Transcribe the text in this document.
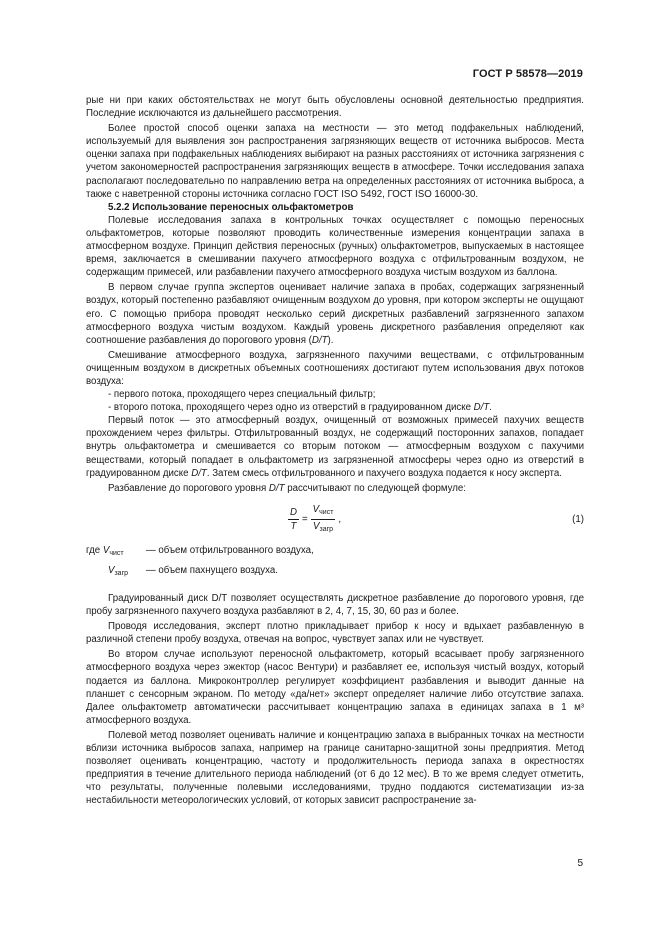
ГОСТ Р 58578—2019

рые ни при каких обстоятельствах не могут быть обусловлены основной деятельностью предприятия. Последние исключаются из дальнейшего рассмотрения.

Более простой способ оценки запаха на местности — это метод подфакельных наблюдений, используемый для выявления зон распространения загрязняющих веществ от источника выбросов. Места оценки запаха при подфакельных наблюдениях выбирают на разных расстояниях от источника загрязнения с учетом закономерностей распространения загрязняющих веществ в атмосфере. Точки исследования запаха располагают последовательно по направлению ветра на определенных расстояниях от источника выброса, а также с наветренной стороны источника согласно ГОСТ ISO 5492, ГОСТ ISO 16000-30.

5.2.2 Использование переносных ольфактометров

Полевые исследования запаха в контрольных точках осуществляет с помощью переносных ольфактометров, которые позволяют проводить количественные измерения концентрации запаха в атмосферном воздухе. Принцип действия переносных (ручных) ольфактометров, выпускаемых в настоящее время, заключается в смешивании пахучего атмосферного воздуха с отфильтрованным воздухом, не содержащим примесей, или разбавлении пахучего атмосферного воздуха чистым воздухом из баллона.

В первом случае группа экспертов оценивает наличие запаха в пробах, содержащих загрязненный воздух, который постепенно разбавляют очищенным воздухом до уровня, при котором эксперты не ощущают его. С помощью прибора проводят несколько серий дискретных разбавлений загрязненного запахом атмосферного воздуха чистым воздухом. Каждый уровень дискретного разбавления определяют как соотношение разбавления до порогового уровня (D/T).

Смешивание атмосферного воздуха, загрязненного пахучими веществами, с отфильтрованным очищенным воздухом в дискретных объемных соотношениях достигают путем использования двух потоков воздуха:

- первого потока, проходящего через специальный фильтр;

- второго потока, проходящего через одно из отверстий в градуированном диске D/T.

Первый поток — это атмосферный воздух, очищенный от возможных примесей пахучих веществ прохождением через фильтры. Отфильтрованный воздух, не содержащий посторонних запахов, попадает внутрь ольфактометра и смешивается со вторым потоком — атмосферным воздухом с пахучими веществами, который попадает в ольфактометр из загрязненной атмосферы через одно из отверстий в градуированном диске D/T. Затем смесь отфильтрованного и пахучего воздуха подается к носу эксперта.

Разбавление до порогового уровня D/T рассчитывают по следующей формуле:

$\frac{D}{T} = \frac{V_{чист}}{V_{загр}}$ ,	(1)
где $V_{чист}$	— объем отфильтрованного воздуха,
$V_{загр}$	— объем пахнущего воздуха.

Градуированный диск D/T позволяет осуществлять дискретное разбавление до порогового уровня, где пробу загрязненного пахучего воздуха разбавляют в 2, 4, 7, 15, 30, 60 раз и более.

Проводя исследования, эксперт плотно прикладывает прибор к носу и вдыхает разбавленную в различной степени пробу воздуха, отвечая на вопрос, чувствует запах или не чувствует.

Во втором случае используют переносной ольфактометр, который всасывает пробу загрязненного атмосферного воздуха через эжектор (насос Вентури) и разбавляет ее, используя чистый воздух, который подается из баллона. Микроконтроллер регулирует коэффициент разбавления и выводит данные на планшет с сенсорным экраном. По методу «да/нет» эксперт определяет наличие либо отсутствие запаха. Далее ольфактометр автоматически рассчитывает концентрацию запаха в единицах запаха в 1 м³ атмосферного воздуха.

Полевой метод позволяет оценивать наличие и концентрацию запаха в выбранных точках на местности вблизи источника выбросов запаха, например на границе санитарно-защитной зоны предприятия. Метод позволяет оценивать концентрацию, частоту и продолжительность периода запаха в окрестностях предприятия в течение длительного периода наблюдений (от 6 до 12 мес). В то же время следует отметить, что результаты, полученные полевыми исследованиями, трудно поддаются систематизации из-за нестабильности метеорологических условий, от которых зависит распространение за-

5
